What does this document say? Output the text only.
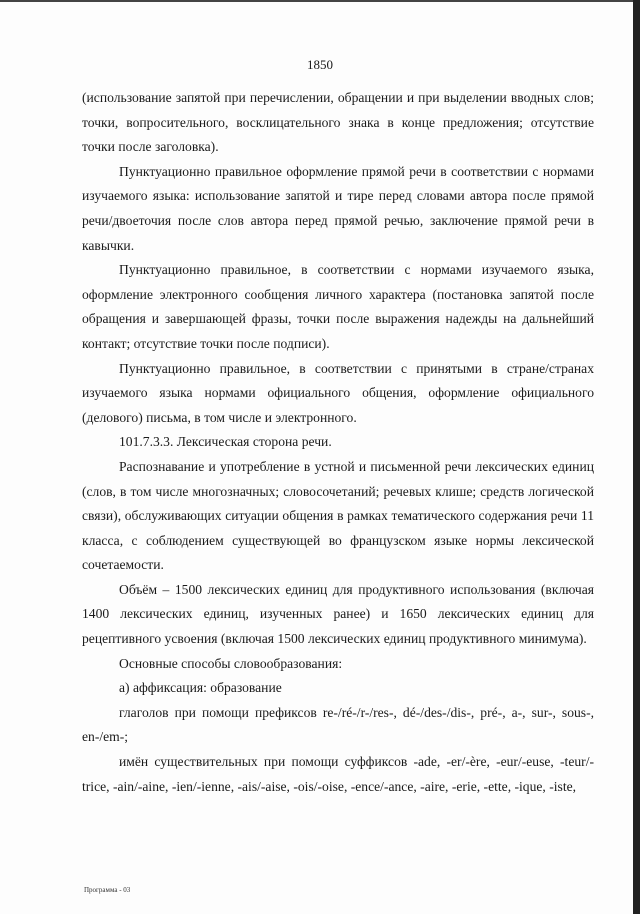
1850

(использование запятой при перечислении, обращении и при выделении вводных слов; точки, вопросительного, восклицательного знака в конце предложения; отсутствие точки после заголовка).

Пунктуационно правильное оформление прямой речи в соответствии с нормами изучаемого языка: использование запятой и тире перед словами автора после прямой речи/двоеточия после слов автора перед прямой речью, заключение прямой речи в кавычки.

Пунктуационно правильное, в соответствии с нормами изучаемого языка, оформление электронного сообщения личного характера (постановка запятой после обращения и завершающей фразы, точки после выражения надежды на дальнейший контакт; отсутствие точки после подписи).

Пунктуационно правильное, в соответствии с принятыми в стране/странах изучаемого языка нормами официального общения, оформление официального (делового) письма, в том числе и электронного.

101.7.3.3. Лексическая сторона речи.

Распознавание и употребление в устной и письменной речи лексических единиц (слов, в том числе многозначных; словосочетаний; речевых клише; средств логической связи), обслуживающих ситуации общения в рамках тематического содержания речи 11 класса, с соблюдением существующей во французском языке нормы лексической сочетаемости.

Объём – 1500 лексических единиц для продуктивного использования (включая 1400 лексических единиц, изученных ранее) и 1650 лексических единиц для рецептивного усвоения (включая 1500 лексических единиц продуктивного минимума).

Основные способы словообразования:

а) аффиксация: образование

глаголов при помощи префиксов re-/ré-/r-/res-, dé-/des-/dis-, pré-, a-, sur-, sous-, en-/em-;

имён существительных при помощи суффиксов -ade, -er/-ère, -eur/-euse, -teur/-trice, -ain/-aine, -ien/-ienne, -ais/-aise, -ois/-oise, -ence/-ance, -aire, -erie, -ette, -ique, -iste,

Программа - 03
